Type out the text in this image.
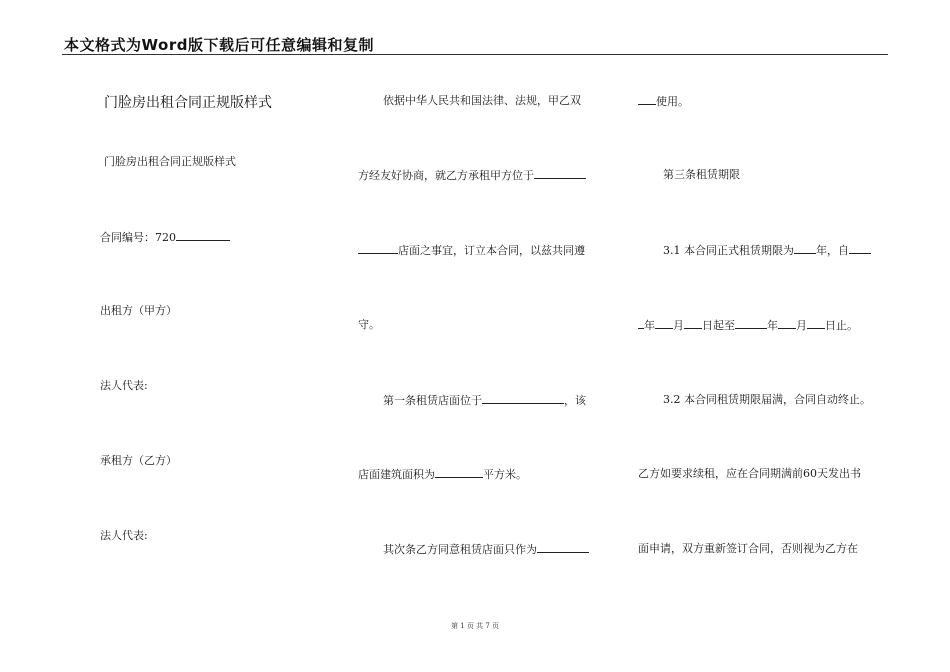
本文格式为Word版下载后可任意编辑和复制
门脸房出租合同正规版样式
门脸房出租合同正规版样式
合同编号：720
出租方（甲方）
法人代表:
承租方（乙方）
法人代表:
依据中华人民共和国法律、法规，甲乙双
方经友好协商，就乙方承租甲方位于
店面之事宜，订立本合同，以兹共同遵
守。
第一条租赁店面位于	，该
店面建筑面积为	平方米。
其次条乙方同意租赁店面只作为
使用。
第三条租赁期限
3.1 本合同正式租赁期限为 年，自
年 月 日起至	年 月 日止。
3.2 本合同租赁期限届满，合同自动终止。
乙方如要求续租，应在合同期满前60天发出书
面申请，双方重新签订合同，否则视为乙方在
第 1 页 共 7 页
